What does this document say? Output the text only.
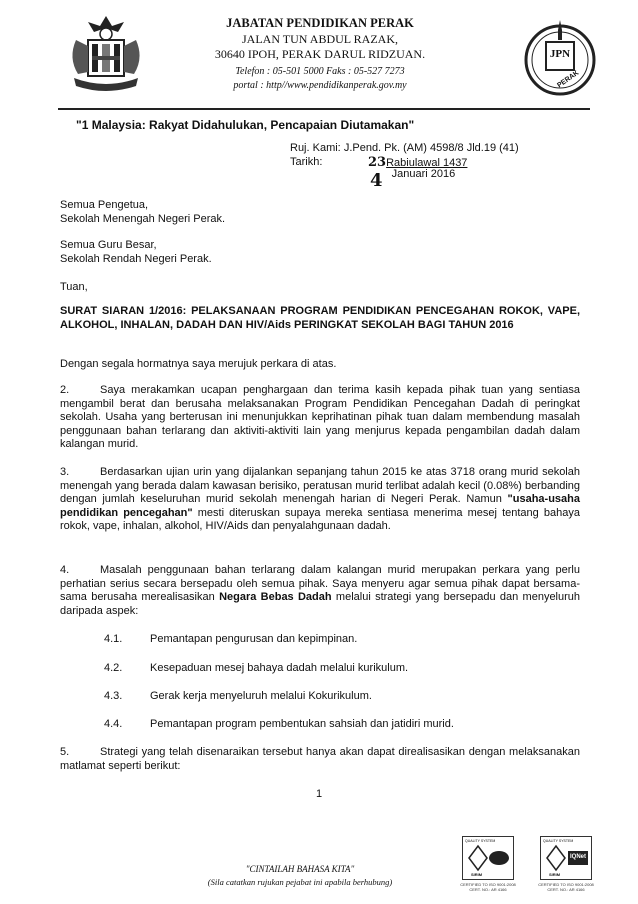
JABATAN PENDIDIKAN PERAK
JALAN TUN ABDUL RAZAK,
30640 IPOH, PERAK DARUL RIDZUAN.
Telefon : 05-501 5000 Faks : 05-527 7273
portal : http//www.pendidikanperak.gov.my
JPN
PERAK
"1 Malaysia: Rakyat Didahulukan, Pencapaian Diutamakan"
Ruj. Kami: J.Pend. Pk. (AM) 4598/8 Jld.19 (41)
Tarikh:	23Rabiulawal 1437
4 Januari 2016
Semua Pengetua,
Sekolah Menengah Negeri Perak.
Semua Guru Besar,
Sekolah Rendah Negeri Perak.
Tuan,
SURAT SIARAN 1/2016: PELAKSANAAN PROGRAM PENDIDIKAN PENCEGAHAN ROKOK, VAPE, ALKOHOL, INHALAN, DADAH DAN HIV/Aids PERINGKAT SEKOLAH BAGI TAHUN 2016
Dengan segala hormatnya saya merujuk perkara di atas.
2.	Saya merakamkan ucapan penghargaan dan terima kasih kepada pihak tuan yang sentiasa mengambil berat dan berusaha melaksanakan Program Pendidikan Pencegahan Dadah di peringkat sekolah. Usaha yang berterusan ini menunjukkan keprihatinan pihak tuan dalam membendung masalah penggunaan bahan terlarang dan aktiviti-aktiviti lain yang menjurus kepada pengambilan dadah dalam kalangan murid.
3.	Berdasarkan ujian urin yang dijalankan sepanjang tahun 2015 ke atas 3718 orang murid sekolah menengah yang berada dalam kawasan berisiko, peratusan murid terlibat adalah kecil (0.08%) berbanding dengan jumlah keseluruhan murid sekolah menengah harian di Negeri Perak. Namun "usaha-usaha pendidikan pencegahan" mesti diteruskan supaya mereka sentiasa menerima mesej tentang bahaya rokok, vape, inhalan, alkohol, HIV/Aids dan penyalahgunaan dadah.
4.	Masalah penggunaan bahan terlarang dalam kalangan murid merupakan perkara yang perlu perhatian serius secara bersepadu oleh semua pihak. Saya menyeru agar semua pihak dapat bersama-sama berusaha merealisasikan Negara Bebas Dadah melalui strategi yang bersepadu dan menyeluruh daripada aspek:
4.1.	Pemantapan pengurusan dan kepimpinan.
4.2.	Kesepaduan mesej bahaya dadah melalui kurikulum.
4.3.	Gerak kerja menyeluruh melalui Kokurikulum.
4.4.	Pemantapan program pembentukan sahsiah dan jatidiri murid.
5.	Strategi yang telah disenaraikan tersebut hanya akan dapat direalisasikan dengan melaksanakan matlamat seperti berikut:
1
"CINTAILAH BAHASA KITA"
(Sila catatkan rujukan pejabat ini apabila berhubung)
QUALITY SYSTEM
SIRIM
CERTIFIED TO ISO 9001:2008 CERT. NO.: AR 4166
QUALITY SYSTEM
IQNet
SIRIM
CERTIFIED TO ISO 9001:2008 CERT. NO.: AR 4166
